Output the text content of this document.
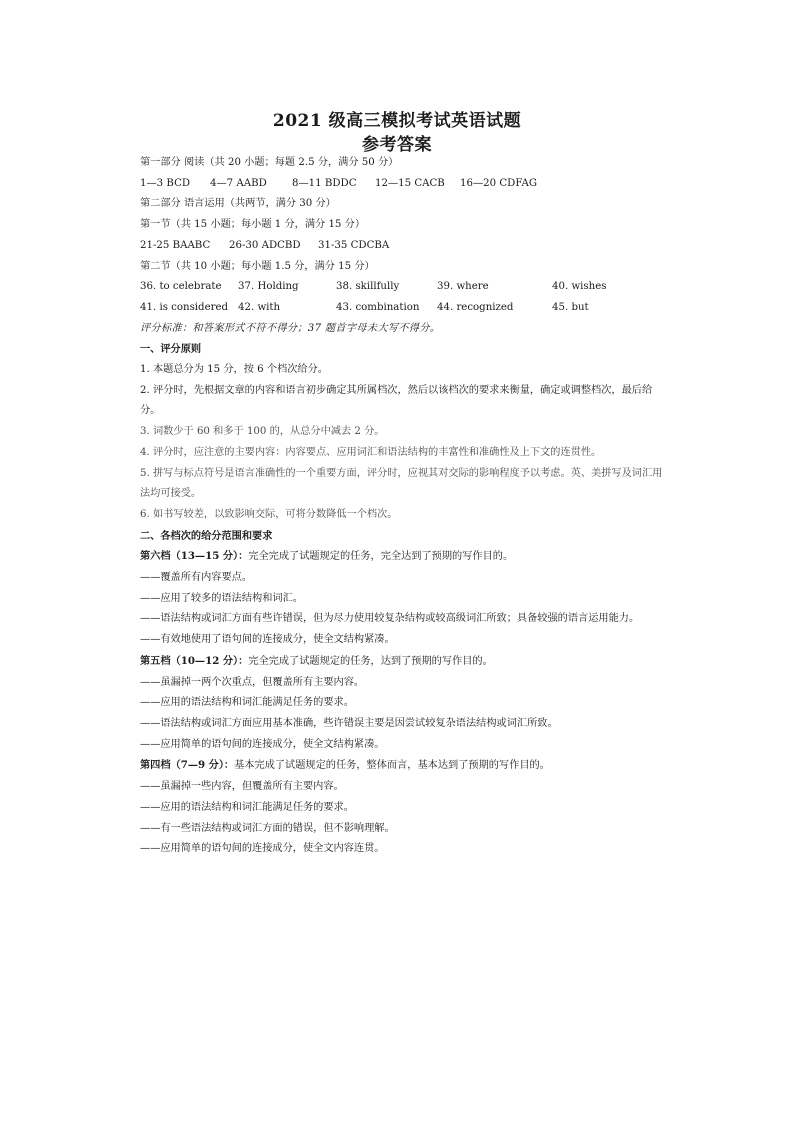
2021 级高三模拟考试英语试题
参考答案
第一部分 阅读（共 20 小题；每题 2.5 分，满分 50 分）
1—3 BCD	4—7 AABD	8—11 BDDC	12—15 CACB	16—20 CDFAG
第二部分 语言运用（共两节，满分 30 分）
第一节（共 15 小题；每小题 1 分，满分 15 分）
21-25 BAABC	26-30 ADCBD	31-35 CDCBA
第二节（共 10 小题；每小题 1.5 分，满分 15 分）
36. to celebrate	37. Holding	38. skillfully	39. where	40. wishes
41. is considered 42. with	43. combination	44. recognized	45. but
评分标准：和答案形式不符不得分；37 题首字母未大写不得分。
一、评分原则
1. 本题总分为 15 分，按 6 个档次给分。
2. 评分时，先根据文章的内容和语言初步确定其所属档次，然后以该档次的要求来衡量，确定或调整档次，最后给分。
3. 词数少于 60 和多于 100 的，从总分中减去 2 分。
4. 评分时，应注意的主要内容：内容要点、应用词汇和语法结构的丰富性和准确性及上下文的连贯性。
5. 拼写与标点符号是语言准确性的一个重要方面，评分时，应视其对交际的影响程度予以考虑。英、美拼写及词汇用法均可接受。
6. 如书写较差，以致影响交际，可将分数降低一个档次。
二、各档次的给分范围和要求
第六档（13—15 分）：完全完成了试题规定的任务，完全达到了预期的写作目的。
——覆盖所有内容要点。
——应用了较多的语法结构和词汇。
——语法结构或词汇方面有些许错误，但为尽力使用较复杂结构或较高级词汇所致；具备较强的语言运用能力。
——有效地使用了语句间的连接成分，使全文结构紧凑。
第五档（10—12 分）：完全完成了试题规定的任务，达到了预期的写作目的。
——虽漏掉一两个次重点，但覆盖所有主要内容。
——应用的语法结构和词汇能满足任务的要求。
——语法结构或词汇方面应用基本准确，些许错误主要是因尝试较复杂语法结构或词汇所致。
——应用简单的语句间的连接成分，使全文结构紧凑。
第四档（7—9 分）：基本完成了试题规定的任务，整体而言，基本达到了预期的写作目的。
——虽漏掉一些内容，但覆盖所有主要内容。
——应用的语法结构和词汇能满足任务的要求。
——有一些语法结构或词汇方面的错误，但不影响理解。
——应用简单的语句间的连接成分，使全文内容连贯。
